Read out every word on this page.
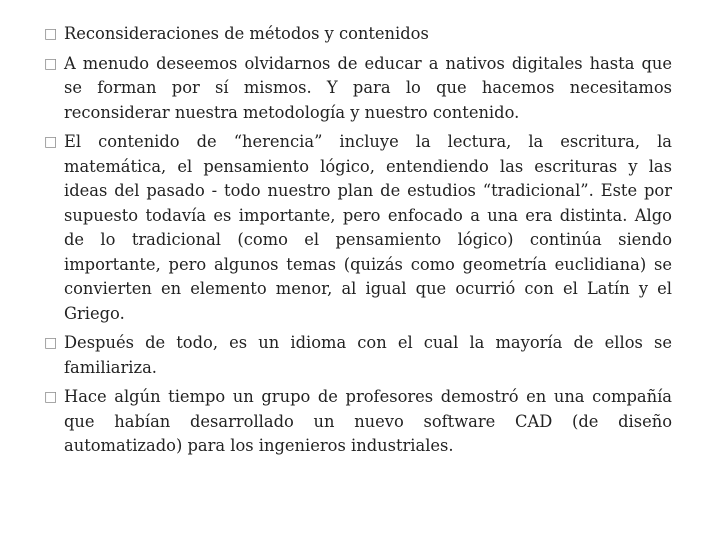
□ Reconsideraciones de métodos y contenidos
□ A menudo deseemos olvidarnos de educar a nativos digitales hasta que se forman por sí mismos. Y para lo que hacemos necesitamos reconsiderar nuestra metodología y nuestro contenido.
□ El contenido de “herencia” incluye la lectura, la escritura, la matemática, el pensamiento lógico, entendiendo las escrituras y las ideas del pasado - todo nuestro plan de estudios “tradicional”. Este por supuesto todavía es importante, pero enfocado a una era distinta. Algo de lo tradicional (como el pensamiento lógico) continúa siendo importante, pero algunos temas (quizás como geometría euclidiana) se convierten en elemento menor, al igual que ocurrió con el Latín y el Griego.
□ Después de todo, es un idioma con el cual la mayoría de ellos se familiariza.
□ Hace algún tiempo un grupo de profesores demostró en una compañía que habían desarrollado un nuevo software CAD (de diseño automatizado) para los ingenieros industriales.
